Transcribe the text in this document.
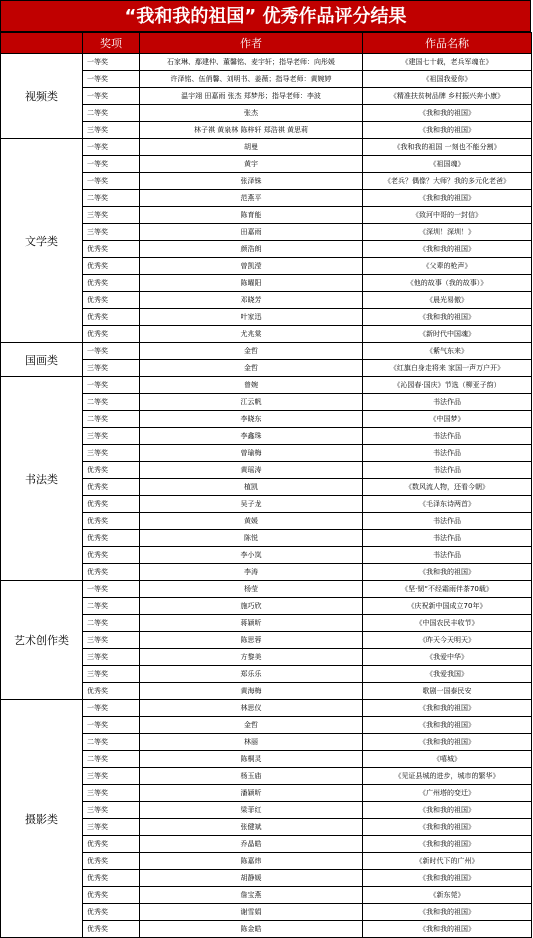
“我和我的祖国” 优秀作品评分结果
	奖项	作者	作品名称
视频类	一等奖	石家琳、鄢建仲、董馨铭、麦宇轩；指导老师：向彤媛	《建国七十载，老兵军魂在》
	一等奖	许泽铭、伍俏馨、刘明书、姜薇；指导老师：黄婉婷	《祖国我爱你》
	一等奖	温宇翊 田嘉雨 张杰 郑梦彤；指导老师：李波	《精准扶贫树品牌 乡村振兴奔小康》
	二等奖	张杰	《我和我的祖国》
	三等奖	林子祺 黄泉林 陈梓轩 郑浩祺 黄思莉	《我和我的祖国》
文学类	一等奖	胡曼	《我和我的祖国 一刻也不能分割》
	一等奖	黄宇	《祖国魂》
	一等奖	张泽铢	《老兵？偶像？大师？我的多元化老爸》
	二等奖	范燕平	《我和我的祖国》
	三等奖	陈育能	《致河中哥的一封信》
	三等奖	田嘉雨	《深圳！深圳！》
	优秀奖	颜浩朗	《我和我的祖国》
	优秀奖	曾凯滢	《父辈的枪声》
	优秀奖	陈曜阳	《他的故事（我的故事）》
	优秀奖	邓晓芳	《晨光易傲》
	优秀奖	叶家迅	《我和我的祖国》
	优秀奖	尤兆棠	《新时代中国魂》
国画类	一等奖	金哲	《紫气东来》
	三等奖	金哲	《红旗白身走将来 家国一声万户开》
书法类	一等奖	曾婉	《沁园春·国庆》节选（柳亚子韵）
	二等奖	江云帆	书法作品
	二等奖	李晓东	《中国梦》
	三等奖	李鑫珠	书法作品
	三等奖	曾瑜梅	书法作品
	优秀奖	黄瑶涛	书法作品
	优秀奖	植凯	《数风流人物，还看今朝》
	优秀奖	吴子龙	《毛泽东诗两首》
	优秀奖	黄媛	书法作品
	优秀奖	陈悦	书法作品
	优秀奖	李小岚	书法作品
	优秀奖	李涛	《我和我的祖国》
艺术创作类	一等奖	杨莹	《坚·韧“不经霜雨伴茶70载》
	二等奖	施巧欣	《庆祝新中国成立70年》
	二等奖	蒋颖昕	《中国农民丰收节》
	三等奖	陈思蓉	《昨天今天明天》
	三等奖	方黎美	《我爱中华》
	三等奖	郑乐乐	《我爱我国》
	优秀奖	黄海梅	歌剧一国泰民安
摄影类	一等奖	林思仪	《我和我的祖国》
	一等奖	金哲	《我和我的祖国》
	二等奖	林丽	《我和我的祖国》
	二等奖	陈桐灵	《嘻城》
	三等奖	杨玉庙	《见证县城的进步，城市的繁华》
	三等奖	潘颖昕	《广州塔的变迁》
	三等奖	梁菲红	《我和我的祖国》
	三等奖	张健斌	《我和我的祖国》
	优秀奖	乔晶皓	《我和我的祖国》
	优秀奖	陈嘉炜	《新时代下的广州》
	优秀奖	胡静媛	《我和我的祖国》
	优秀奖	詹宝燕	《新东莞》
	优秀奖	谢雪娟	《我和我的祖国》
	优秀奖	陈金皓	《我和我的祖国》
